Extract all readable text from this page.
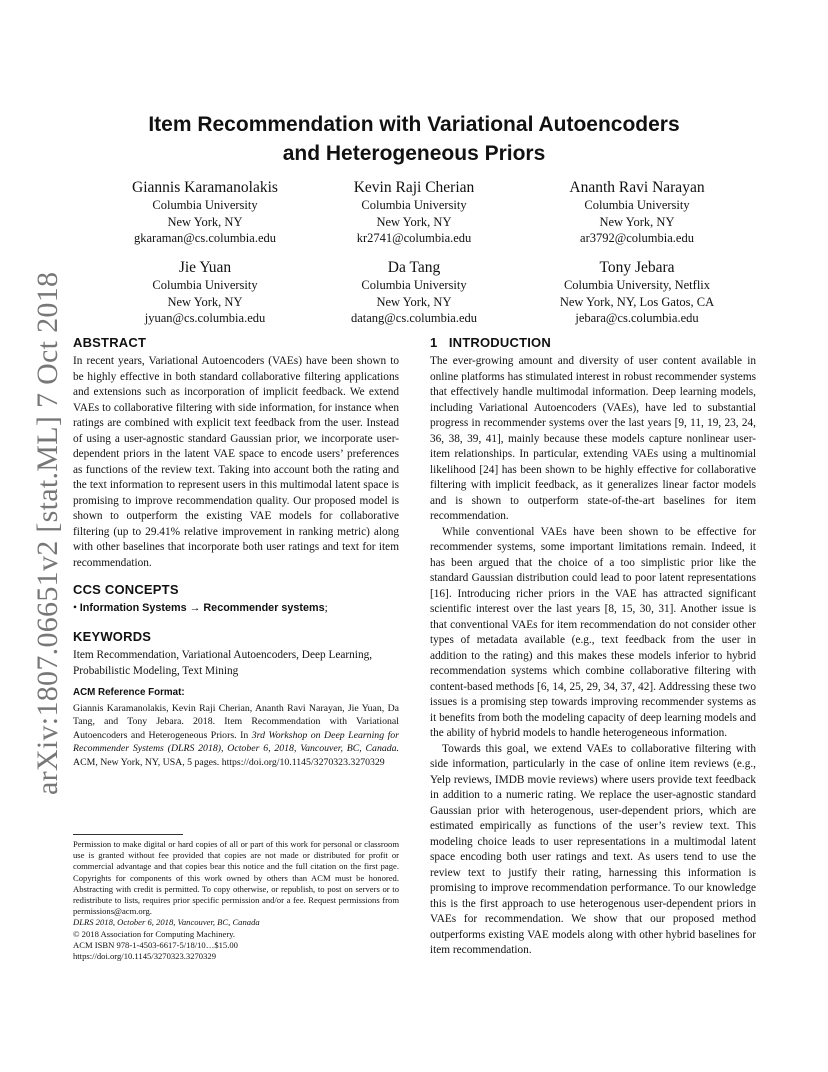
arXiv:1807.06651v2 [stat.ML] 7 Oct 2018
Item Recommendation with Variational Autoencoders
and Heterogeneous Priors
Giannis Karamanolakis
Columbia University
New York, NY
gkaraman@cs.columbia.edu
Kevin Raji Cherian
Columbia University
New York, NY
kr2741@columbia.edu
Ananth Ravi Narayan
Columbia University
New York, NY
ar3792@columbia.edu
Jie Yuan
Columbia University
New York, NY
jyuan@cs.columbia.edu
Da Tang
Columbia University
New York, NY
datang@cs.columbia.edu
Tony Jebara
Columbia University, Netflix
New York, NY, Los Gatos, CA
jebara@cs.columbia.edu
ABSTRACT

In recent years, Variational Autoencoders (VAEs) have been shown to be highly effective in both standard collaborative filtering applications and extensions such as incorporation of implicit feedback. We extend VAEs to collaborative filtering with side information, for instance when ratings are combined with explicit text feedback from the user. Instead of using a user-agnostic standard Gaussian prior, we incorporate user-dependent priors in the latent VAE space to encode users’ preferences as functions of the review text. Taking into account both the rating and the text information to represent users in this multimodal latent space is promising to improve recommendation quality. Our proposed model is shown to outperform the existing VAE models for collaborative filtering (up to 29.41% relative improvement in ranking metric) along with other baselines that incorporate both user ratings and text for item recommendation.

CCS CONCEPTS
• Information Systems → Recommender systems;
KEYWORDS

Item Recommendation, Variational Autoencoders, Deep Learning, Probabilistic Modeling, Text Mining

ACM Reference Format:

Giannis Karamanolakis, Kevin Raji Cherian, Ananth Ravi Narayan, Jie Yuan, Da Tang, and Tony Jebara. 2018. Item Recommendation with Variational Autoencoders and Heterogeneous Priors. In 3rd Workshop on Deep Learning for Recommender Systems (DLRS 2018), October 6, 2018, Vancouver, BC, Canada. ACM, New York, NY, USA, 5 pages. https://doi.org/10.1145/3270323.3270329

Permission to make digital or hard copies of all or part of this work for personal or classroom use is granted without fee provided that copies are not made or distributed for profit or commercial advantage and that copies bear this notice and the full citation on the first page. Copyrights for components of this work owned by others than ACM must be honored. Abstracting with credit is permitted. To copy otherwise, or republish, to post on servers or to redistribute to lists, requires prior specific permission and/or a fee. Request permissions from permissions@acm.org.
DLRS 2018, October 6, 2018, Vancouver, BC, Canada
© 2018 Association for Computing Machinery.
ACM ISBN 978-1-4503-6617-5/18/10…$15.00
https://doi.org/10.1145/3270323.3270329
1   INTRODUCTION

The ever-growing amount and diversity of user content available in online platforms has stimulated interest in robust recommender systems that effectively handle multimodal information. Deep learning models, including Variational Autoencoders (VAEs), have led to substantial progress in recommender systems over the last years [9, 11, 19, 23, 24, 36, 38, 39, 41], mainly because these models capture nonlinear user-item relationships. In particular, extending VAEs using a multinomial likelihood [24] has been shown to be highly effective for collaborative filtering with implicit feedback, as it generalizes linear factor models and is shown to outperform state-of-the-art baselines for item recommendation.

While conventional VAEs have been shown to be effective for recommender systems, some important limitations remain. Indeed, it has been argued that the choice of a too simplistic prior like the standard Gaussian distribution could lead to poor latent representations [16]. Introducing richer priors in the VAE has attracted significant scientific interest over the last years [8, 15, 30, 31]. Another issue is that conventional VAEs for item recommendation do not consider other types of metadata available (e.g., text feedback from the user in addition to the rating) and this makes these models inferior to hybrid recommendation systems which combine collaborative filtering with content-based methods [6, 14, 25, 29, 34, 37, 42]. Addressing these two issues is a promising step towards improving recommender systems as it benefits from both the modeling capacity of deep learning models and the ability of hybrid models to handle heterogeneous information.

Towards this goal, we extend VAEs to collaborative filtering with side information, particularly in the case of online item reviews (e.g., Yelp reviews, IMDB movie reviews) where users provide text feedback in addition to a numeric rating. We replace the user-agnostic standard Gaussian prior with heterogenous, user-dependent priors, which are estimated empirically as functions of the user’s review text. This modeling choice leads to user representations in a multimodal latent space encoding both user ratings and text. As users tend to use the review text to justify their rating, harnessing this information is promising to improve recommendation performance. To our knowledge this is the first approach to use heterogenous user-dependent priors in VAEs for recommendation. We show that our proposed method outperforms existing VAE models along with other hybrid baselines for item recommendation.
